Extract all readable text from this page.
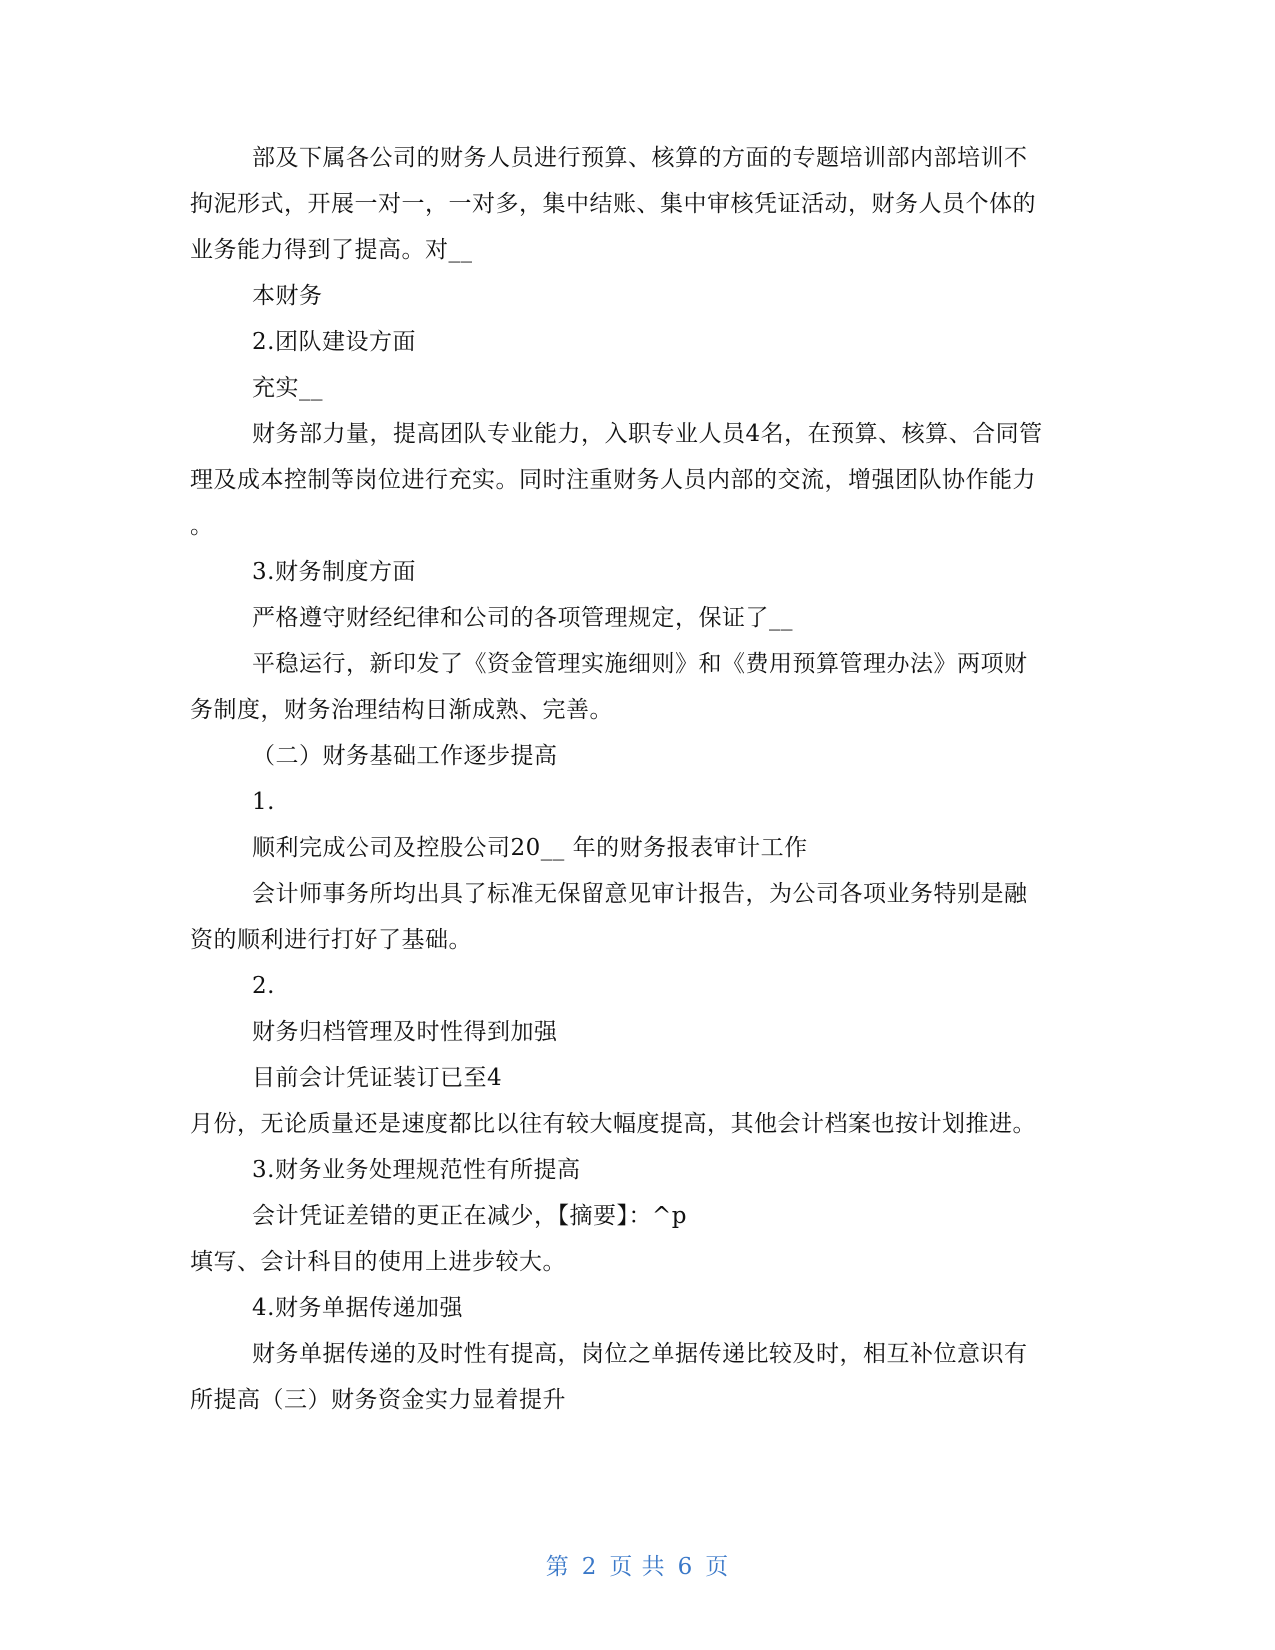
部及下属各公司的财务人员进行预算、核算的方面的专题培训部内部培训不
拘泥形式，开展一对一，一对多，集中结账、集中审核凭证活动，财务人员个体的
业务能力得到了提高。对__
本财务
2.团队建设方面
充实__
财务部力量，提高团队专业能力，入职专业人员4名，在预算、核算、合同管
理及成本控制等岗位进行充实。同时注重财务人员内部的交流，增强团队协作能力
。
3.财务制度方面
严格遵守财经纪律和公司的各项管理规定，保证了__
平稳运行，新印发了《资金管理实施细则》和《费用预算管理办法》两项财
务制度，财务治理结构日渐成熟、完善。
（二）财务基础工作逐步提高
1.
顺利完成公司及控股公司20__ 年的财务报表审计工作
会计师事务所均出具了标准无保留意见审计报告，为公司各项业务特别是融
资的顺利进行打好了基础。
2.
财务归档管理及时性得到加强
目前会计凭证装订已至4
月份，无论质量还是速度都比以往有较大幅度提高，其他会计档案也按计划推进。
3.财务业务处理规范性有所提高
会计凭证差错的更正在减少，【摘要】：^p
填写、会计科目的使用上进步较大。
4.财务单据传递加强
财务单据传递的及时性有提高，岗位之单据传递比较及时，相互补位意识有
所提高（三）财务资金实力显着提升
第 2 页 共 6 页
